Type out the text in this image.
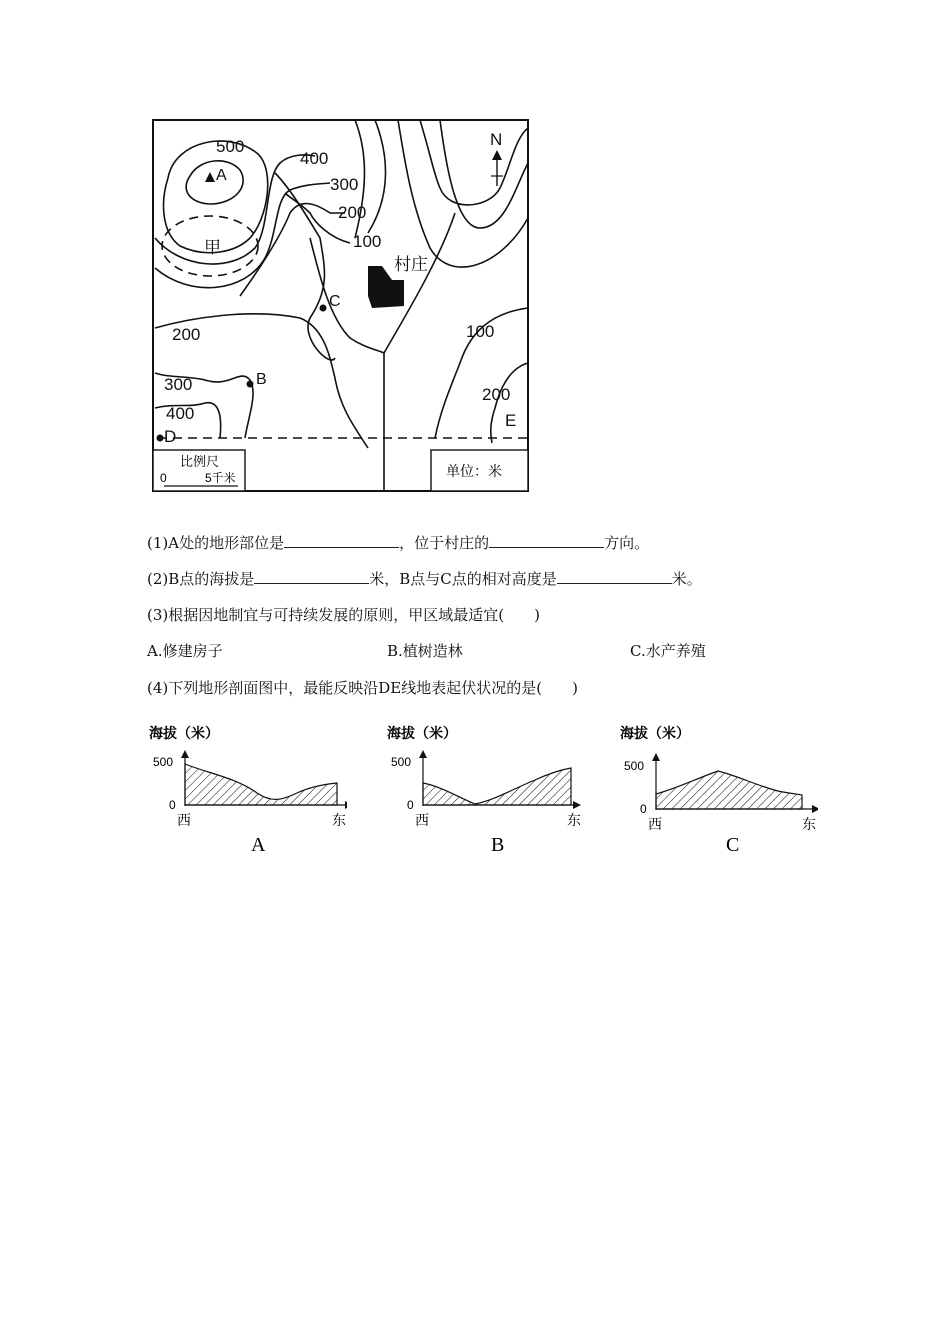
N
500
400
300
200
100
200
300
400
100
200
A
B
C
D
E
甲
村庄
比例尺
0	5千米	单位：米
(1)A处的地形部位是	，位于村庄的	方向。
(2)B点的海拔是	米，B点与C点的相对高度是	米。
(3)根据因地制宜与可持续发展的原则，甲区域最适宜(　　)
A.修建房子	B.植树造林	C.水产养殖
(4)下列地形剖面图中，最能反映沿DE线地表起伏状况的是(　　)
海拔（米）
500
0
西	东
A
海拔（米）
500
0
西	东
B
海拔（米）
500
0
西	东
C
